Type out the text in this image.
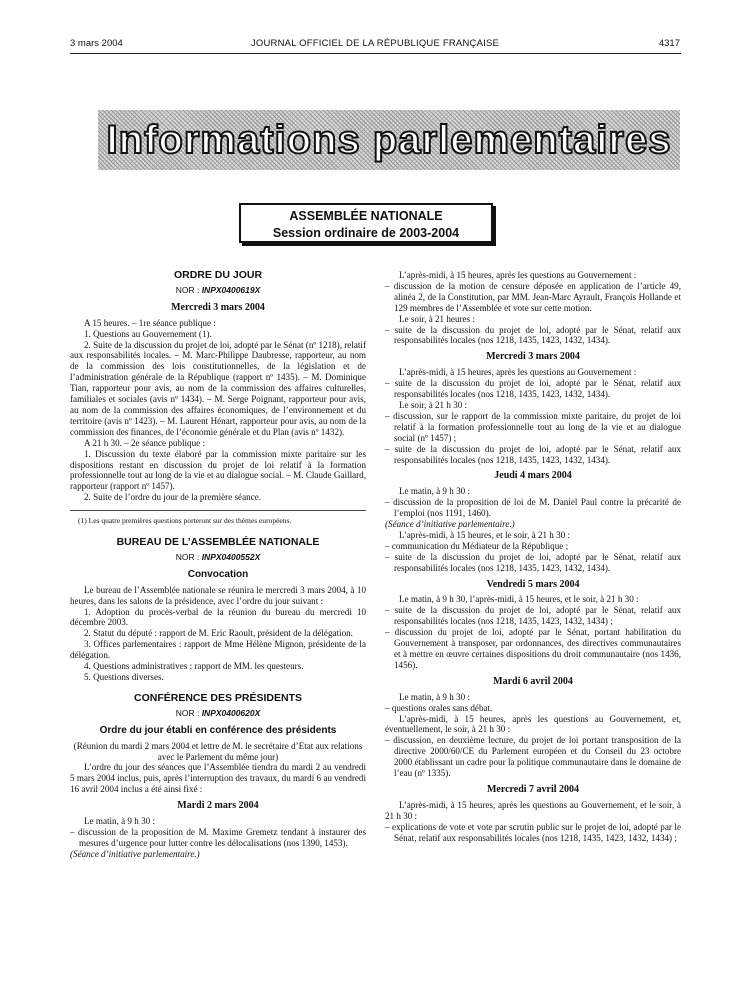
3 mars 2004	JOURNAL OFFICIEL DE LA RÉPUBLIQUE FRANÇAISE	4317
Informations parlementaires
ASSEMBLÉE NATIONALE
Session ordinaire de 2003-2004
ORDRE DU JOUR
NOR : INPX0400619X
Mercredi 3 mars 2004

A 15 heures. – 1re séance publique :

1. Questions au Gouvernement (1).

2. Suite de la discussion du projet de loi, adopté par le Sénat (nº 1218), relatif aux responsabilités locales. – M. Marc-Philippe Daubresse, rapporteur, au nom de la commission des lois constitutionnelles, de la législation et de l’administration générale de la République (rapport nº 1435). – M. Dominique Tian, rapporteur pour avis, au nom de la commission des affaires culturelles, familiales et sociales (avis nº 1434). – M. Serge Poignant, rapporteur pour avis, au nom de la commission des affaires économiques, de l’environnement et du territoire (avis nº 1423). – M. Laurent Hénart, rapporteur pour avis, au nom de la commission des finances, de l’économie générale et du Plan (avis nº 1432).

A 21 h 30. – 2e séance publique :

1. Discussion du texte élaboré par la commission mixte paritaire sur les dispositions restant en discussion du projet de loi relatif à la formation professionnelle tout au long de la vie et au dialogue social. – M. Claude Gaillard, rapporteur (rapport nº 1457).

2. Suite de l’ordre du jour de la première séance.

(1) Les quatre premières questions porteront sur des thèmes européens.

BUREAU DE L’ASSEMBLÉE NATIONALE
NOR : INPX0400552X
Convocation

Le bureau de l’Assemblée nationale se réunira le mercredi 3 mars 2004, à 10 heures, dans les salons de la présidence, avec l’ordre du jour suivant :

1. Adoption du procès-verbal de la réunion du bureau du mercredi 10 décembre 2003.

2. Statut du député : rapport de M. Eric Raoult, président de la délégation.

3. Offices parlementaires : rapport de Mme Hélène Mignon, présidente de la délégation.

4. Questions administratives : rapport de MM. les questeurs.

5. Questions diverses.

CONFÉRENCE DES PRÉSIDENTS
NOR : INPX0400620X
Ordre du jour établi en conférence des présidents

(Réunion du mardi 2 mars 2004 et lettre de M. le secrétaire d’Etat aux relations avec le Parlement du même jour)

L’ordre du jour des séances que l’Assemblée tiendra du mardi 2 au vendredi 5 mars 2004 inclus, puis, après l’interruption des travaux, du mardi 6 au vendredi 16 avril 2004 inclus a été ainsi fixé :

Mardi 2 mars 2004

Le matin, à 9 h 30 :

– discussion de la proposition de M. Maxime Gremetz tendant à instaurer des mesures d’urgence pour lutter contre les délocalisations (nos 1390, 1453).

(Séance d’initiative parlementaire.)

L’après-midi, à 15 heures, après les questions au Gouvernement :

– discussion de la motion de censure déposée en application de l’article 49, alinéa 2, de la Constitution, par MM. Jean-Marc Ayrault, François Hollande et 129 membres de l’Assemblée et vote sur cette motion.

Le soir, à 21 heures :

– suite de la discussion du projet de loi, adopté par le Sénat, relatif aux responsabilités locales (nos 1218, 1435, 1423, 1432, 1434).

Mercredi 3 mars 2004

L’après-midi, à 15 heures, après les questions au Gouvernement :

– suite de la discussion du projet de loi, adopté par le Sénat, relatif aux responsabilités locales (nos 1218, 1435, 1423, 1432, 1434).

Le soir, à 21 h 30 :

– discussion, sur le rapport de la commission mixte paritaire, du projet de loi relatif à la formation professionnelle tout au long de la vie et au dialogue social (nº 1457) ;

– suite de la discussion du projet de loi, adopté par le Sénat, relatif aux responsabilités locales (nos 1218, 1435, 1423, 1432, 1434).

Jeudi 4 mars 2004

Le matin, à 9 h 30 :

– discussion de la proposition de loi de M. Daniel Paul contre la précarité de l’emploi (nos 1191, 1460).

(Séance d’initiative parlementaire.)

L’après-midi, à 15 heures, et le soir, à 21 h 30 :

– communication du Médiateur de la République ;

– suite de la discussion du projet de loi, adopté par le Sénat, relatif aux responsabilités locales (nos 1218, 1435, 1423, 1432, 1434).

Vendredi 5 mars 2004

Le matin, à 9 h 30, l’après-midi, à 15 heures, et le soir, à 21 h 30 :

– suite de la discussion du projet de loi, adopté par le Sénat, relatif aux responsabilités locales (nos 1218, 1435, 1423, 1432, 1434) ;

– discussion du projet de loi, adopté par le Sénat, portant habilitation du Gouvernement à transposer, par ordonnances, des directives communautaires et à mettre en œuvre certaines dispositions du droit communautaire (nos 1436, 1456).

Mardi 6 avril 2004

Le matin, à 9 h 30 :

– questions orales sans débat.

L’après-midi, à 15 heures, après les questions au Gouvernement, et, éventuellement, le soir, à 21 h 30 :

– discussion, en deuxième lecture, du projet de loi portant transposition de la directive 2000/60/CE du Parlement européen et du Conseil du 23 octobre 2000 établissant un cadre pour la politique communautaire dans le domaine de l’eau (nº 1335).

Mercredi 7 avril 2004

L’après-midi, à 15 heures, après les questions au Gouvernement, et le soir, à 21 h 30 :

– explications de vote et vote par scrutin public sur le projet de loi, adopté par le Sénat, relatif aux responsabilités locales (nos 1218, 1435, 1423, 1432, 1434) ;
